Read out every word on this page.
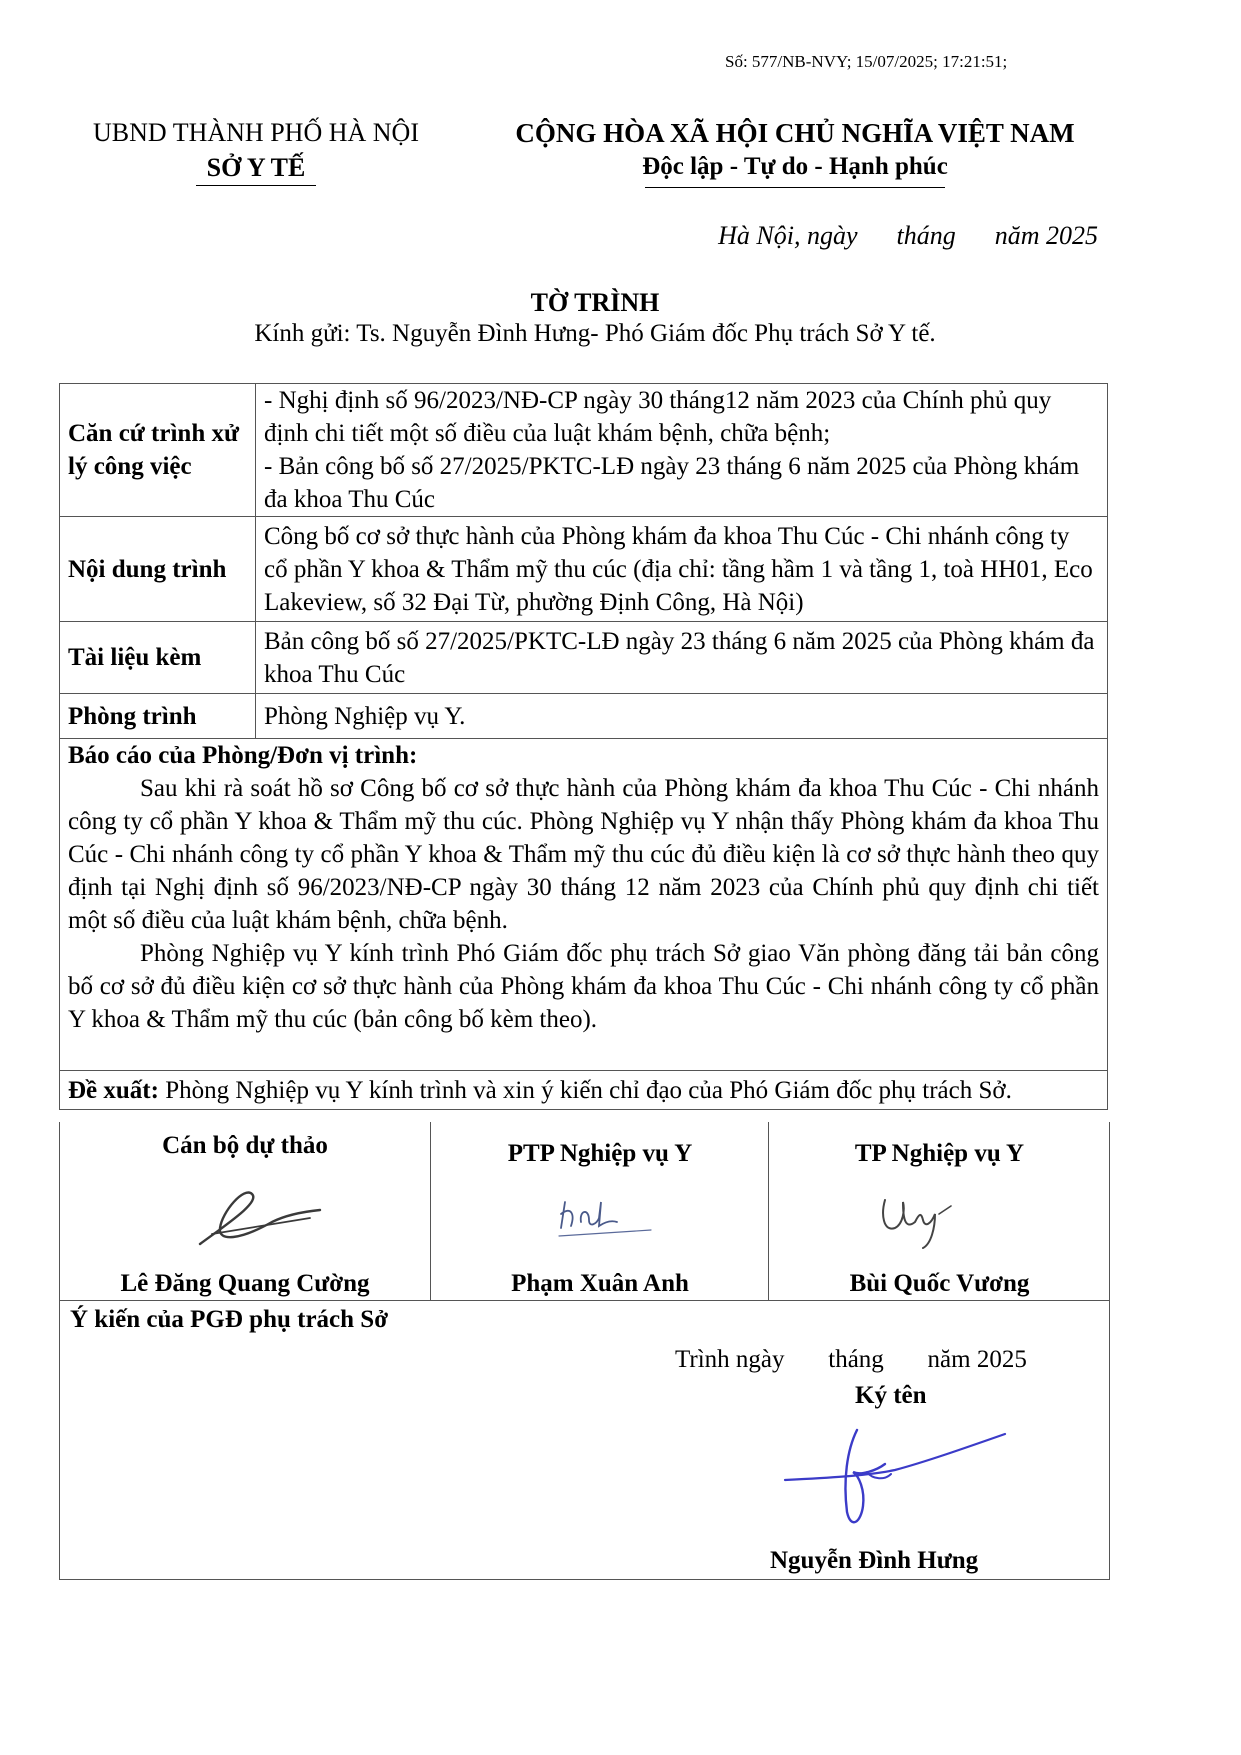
Số: 577/NB-NVY; 15/07/2025; 17:21:51;
UBND THÀNH PHỐ HÀ NỘI
SỞ Y TẾ
CỘNG HÒA XÃ HỘI CHỦ NGHĨA VIỆT NAM
Độc lập - Tự do - Hạnh phúc
Hà Nội, ngày      tháng      năm 2025
TỜ TRÌNH
Kính gửi: Ts. Nguyễn Đình Hưng- Phó Giám đốc Phụ trách Sở Y tế.
Căn cứ trình xử lý công việc	- Nghị định số 96/2023/NĐ-CP ngày 30 tháng12 năm 2023 của Chính phủ quy định chi tiết một số điều của luật khám bệnh, chữa bệnh;
- Bản công bố số 27/2025/PKTC-LĐ ngày 23 tháng 6 năm 2025 của Phòng khám đa khoa Thu Cúc

Nội dung trình	Công bố cơ sở thực hành của Phòng khám đa khoa Thu Cúc - Chi nhánh công ty cổ phần Y khoa & Thẩm mỹ thu cúc (địa chỉ: tầng hầm 1 và tầng 1, toà HH01, Eco Lakeview, số 32 Đại Từ, phường Định Công, Hà Nội)

Tài liệu kèm	Bản công bố số 27/2025/PKTC-LĐ ngày 23 tháng 6 năm 2025 của Phòng khám đa khoa Thu Cúc

Phòng trình	Phòng Nghiệp vụ Y.

Báo cáo của Phòng/Đơn vị trình:
Sau khi rà soát hồ sơ Công bố cơ sở thực hành của Phòng khám đa khoa Thu Cúc - Chi nhánh công ty cổ phần Y khoa & Thẩm mỹ thu cúc. Phòng Nghiệp vụ Y nhận thấy Phòng khám đa khoa Thu Cúc - Chi nhánh công ty cổ phần Y khoa & Thẩm mỹ thu cúc đủ điều kiện là cơ sở thực hành theo quy định tại Nghị định số 96/2023/NĐ-CP ngày 30 tháng 12 năm 2023 của Chính phủ quy định chi tiết một số điều của luật khám bệnh, chữa bệnh.
Phòng Nghiệp vụ Y kính trình Phó Giám đốc phụ trách Sở giao Văn phòng đăng tải bản công bố cơ sở đủ điều kiện cơ sở thực hành của Phòng khám đa khoa Thu Cúc - Chi nhánh công ty cổ phần Y khoa & Thẩm mỹ thu cúc (bản công bố kèm theo).	

Đề xuất: Phòng Nghiệp vụ Y kính trình và xin ý kiến chỉ đạo của Phó Giám đốc phụ trách Sở.	
Cán bộ dự thảo
Lê Đăng Quang Cường
PTP Nghiệp vụ Y
Phạm Xuân Anh
TP Nghiệp vụ Y
Bùi Quốc Vương
Ý kiến của PGĐ phụ trách Sở
Trình ngày       tháng       năm 2025
Ký tên
Nguyễn Đình Hưng
